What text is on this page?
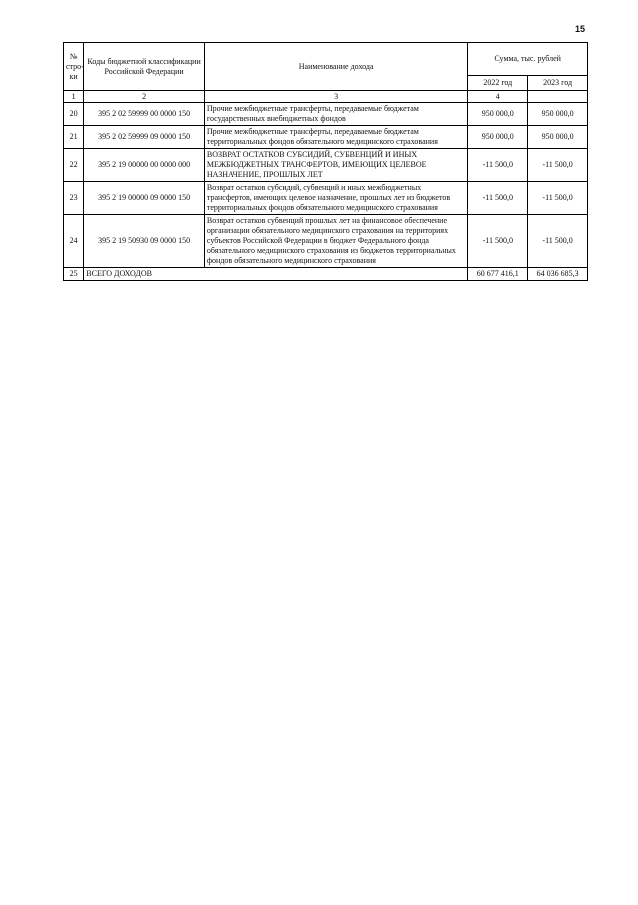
15
№ стро-ки	Коды бюджетной классификации Российской Федерации	Наименование дохода	Сумма, тыс. рублей	
			2022 год	2023 год
1	2	3	4	
20	395 2 02 59999 00 0000 150	Прочие межбюджетные трансферты, передаваемые бюджетам государственных внебюджетных фондов	950 000,0	950 000,0
21	395 2 02 59999 09 0000 150	Прочие межбюджетные трансферты, передаваемые бюджетам территориальных фондов обязательного медицинского страхования	950 000,0	950 000,0
22	395 2 19 00000 00 0000 000	ВОЗВРАТ ОСТАТКОВ СУБСИДИЙ, СУБВЕНЦИЙ И ИНЫХ МЕЖБЮДЖЕТНЫХ ТРАНСФЕРТОВ, ИМЕЮЩИХ ЦЕЛЕВОЕ НАЗНАЧЕНИЕ, ПРОШЛЫХ ЛЕТ	-11 500,0	-11 500,0
23	395 2 19 00000 09 0000 150	Возврат остатков субсидий, субвенций и иных межбюджетных трансфертов, имеющих целевое назначение, прошлых лет из бюджетов территориальных фондов обязательного медицинского страхования	-11 500,0	-11 500,0
24	395 2 19 50930 09 0000 150	Возврат остатков субвенций прошлых лет на финансовое обеспечение организации обязательного медицинского страхования на территориях субъектов Российской Федерации в бюджет Федерального фонда обязательного медицинского страхования из бюджетов территориальных фондов обязательного медицинского страхования	-11 500,0	-11 500,0
25	ВСЕГО ДОХОДОВ		60 677 416,1	64 036 685,3
